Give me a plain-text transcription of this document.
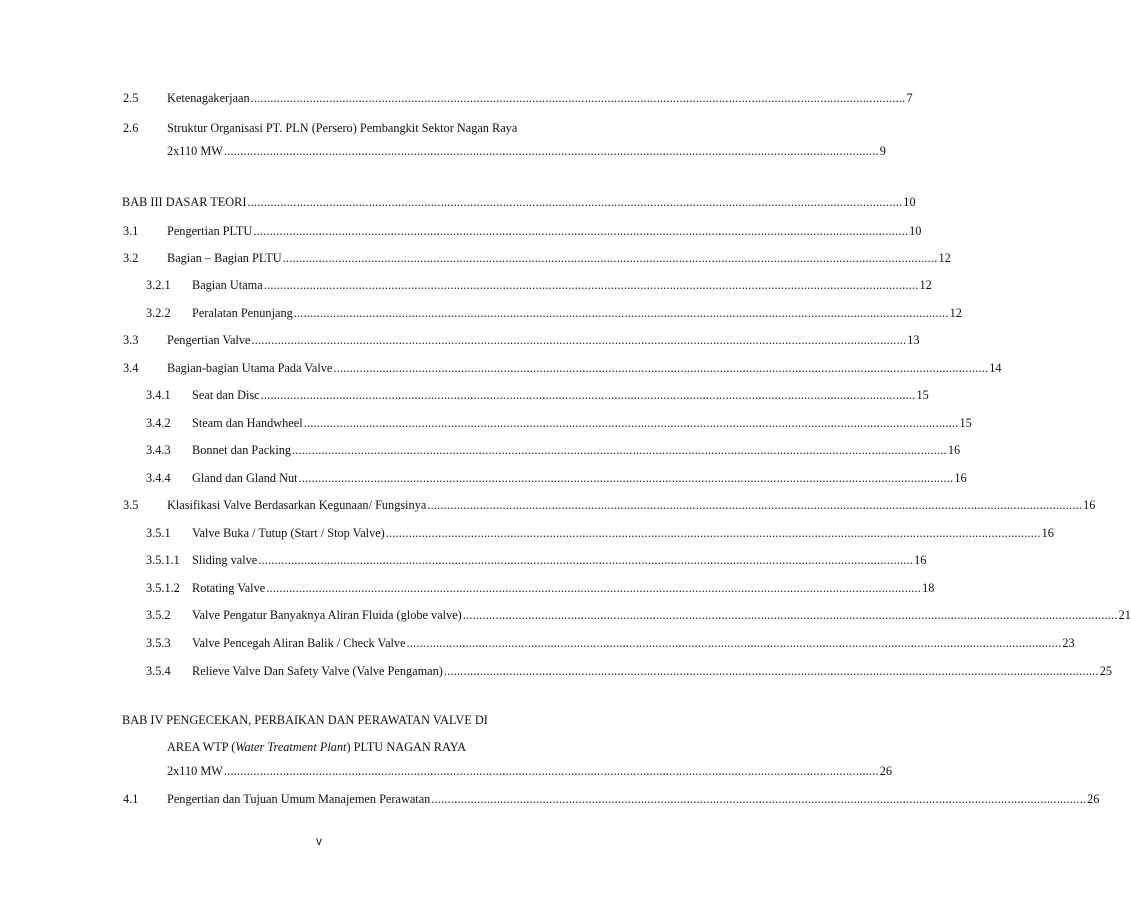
2.5 Ketenagakerjaan ........................................................................................................................................................................................................ 7
2.6 Struktur Organisasi PT. PLN (Persero) Pembangkit Sektor Nagan Raya
2x110 MW ........................................................................................................................................................................................................ 9
BAB III DASAR TEORI ........................................................................................................................................................................................................ 10
3.1 Pengertian PLTU ........................................................................................................................................................................................................ 10
3.2 Bagian – Bagian PLTU ........................................................................................................................................................................................................ 12
3.2.1 Bagian Utama ........................................................................................................................................................................................................ 12
3.2.2 Peralatan Penunjang ........................................................................................................................................................................................................ 12
3.3 Pengertian Valve ........................................................................................................................................................................................................ 13
3.4 Bagian-bagian Utama Pada Valve ........................................................................................................................................................................................................ 14
3.4.1 Seat dan Disc ........................................................................................................................................................................................................ 15
3.4.2 Steam dan Handwheel ........................................................................................................................................................................................................ 15
3.4.3 Bonnet dan Packing ........................................................................................................................................................................................................ 16
3.4.4 Gland dan Gland Nut ........................................................................................................................................................................................................ 16
3.5 Klasifikasi Valve Berdasarkan Kegunaan/ Fungsinya ........................................................................................................................................................................................................ 16
3.5.1 Valve Buka / Tutup (Start / Stop Valve) ........................................................................................................................................................................................................ 16
3.5.1.1 Sliding valve ........................................................................................................................................................................................................ 16
3.5.1.2 Rotating Valve ........................................................................................................................................................................................................ 18
3.5.2 Valve Pengatur Banyaknya Aliran Fluida (globe valve) ........................................................................................................................................................................................................ 21
3.5.3 Valve Pencegah Aliran Balik / Check Valve ........................................................................................................................................................................................................ 23
3.5.4 Relieve Valve Dan Safety Valve (Valve Pengaman) ........................................................................................................................................................................................................ 25
BAB IV PENGECEKAN, PERBAIKAN DAN PERAWATAN VALVE DI
AREA WTP (Water Treatment Plant) PLTU NAGAN RAYA
2x110 MW ........................................................................................................................................................................................................ 26
4.1 Pengertian dan Tujuan Umum Manajemen Perawatan ........................................................................................................................................................................................................ 26
v
